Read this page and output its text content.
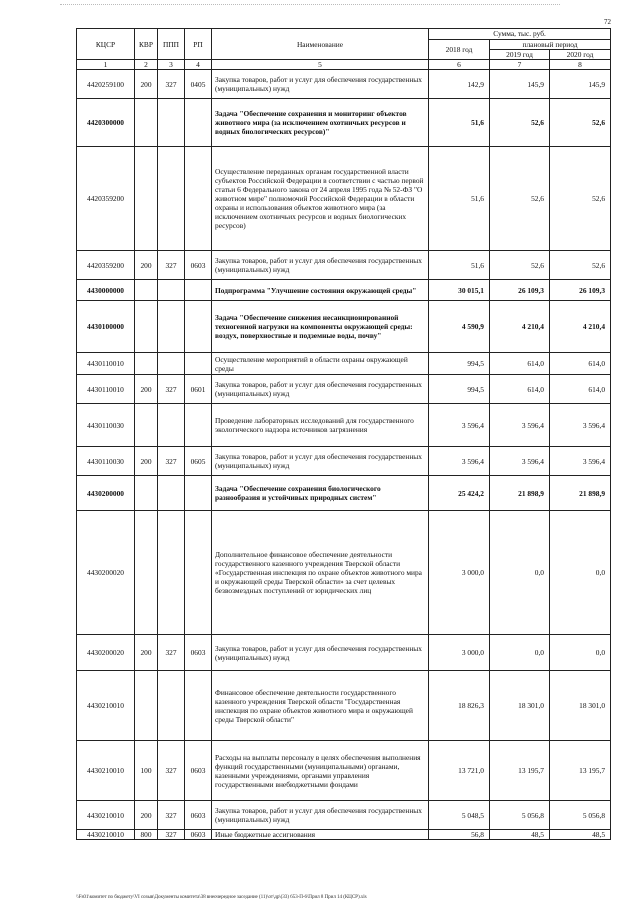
72
КЦСР	КВР	ППП	РП	Наименование	Сумма, тыс. руб.		
					2018 год	плановый период	
						2019 год	2020 год
1	2	3	4	5	6	7	8
4420259100	200	327	0405	Закупка товаров, работ и услуг для обеспечения государственных (муниципальных) нужд	142,9	145,9	145,9
4420300000				Задача "Обеспечение сохранения и мониторинг объектов животного мира (за исключением охотничьих ресурсов и водных биологических ресурсов)"	51,6	52,6	52,6
4420359200				Осуществление переданных органам государственной власти субъектов Российской Федерации в соответствии с частью первой статьи 6 Федерального закона от 24 апреля 1995 года № 52-ФЗ "О животном мире" полномочий Российской Федерации в области охраны и использования объектов животного мира (за исключением охотничьих ресурсов и водных биологических ресурсов)	51,6	52,6	52,6
4420359200	200	327	0603	Закупка товаров, работ и услуг для обеспечения государственных (муниципальных) нужд	51,6	52,6	52,6
4430000000				Подпрограмма "Улучшение состояния окружающей среды"	30 015,1	26 109,3	26 109,3
4430100000				Задача "Обеспечение снижения несанкционированной техногенной нагрузки на компоненты окружающей среды: воздух, поверхностные и подземные воды, почву"	4 590,9	4 210,4	4 210,4
4430110010				Осуществление мероприятий в области охраны окружающей среды	994,5	614,0	614,0
4430110010	200	327	0601	Закупка товаров, работ и услуг для обеспечения государственных (муниципальных) нужд	994,5	614,0	614,0
4430110030				Проведение лабораторных исследований для государственного экологического надзора источников загрязнения	3 596,4	3 596,4	3 596,4
4430110030	200	327	0605	Закупка товаров, работ и услуг для обеспечения государственных (муниципальных) нужд	3 596,4	3 596,4	3 596,4
4430200000				Задача "Обеспечение сохранения биологического разнообразия и устойчивых природных систем"	25 424,2	21 898,9	21 898,9
4430200020				Дополнительное финансовое обеспечение деятельности государственного казенного учреждения Тверской области «Государственная инспекция по охране объектов животного мира и окружающей среды Тверской области» за счет целевых безвозмездных поступлений от юридических лиц	3 000,0	0,0	0,0
4430200020	200	327	0603	Закупка товаров, работ и услуг для обеспечения государственных (муниципальных) нужд	3 000,0	0,0	0,0
4430210010				Финансовое обеспечение деятельности государственного казенного учреждения Тверской области "Государственная инспекция по охране объектов животного мира и окружающей среды Тверской области"	18 826,3	18 301,0	18 301,0
4430210010	100	327	0603	Расходы на выплаты персоналу в целях обеспечения выполнения функций государственными (муниципальными) органами, казенными учреждениями, органами управления государственными внебюджетными фондами	13 721,0	13 195,7	13 195,7
4430210010	200	327	0603	Закупка товаров, работ и услуг для обеспечения государственных (муниципальных) нужд	5 048,5	5 056,8	5 056,8
4430210010	800	327	0603	Иные бюджетные ассигнования	56,8	48,5	48,5
\\Fs01\комитет по бюджету\VI созыв\Документы комитета\38 внеочередное заседание (11)\от\др\(33) 653-П-6\Прил 8 Прил 14 (КЦСР).xls
